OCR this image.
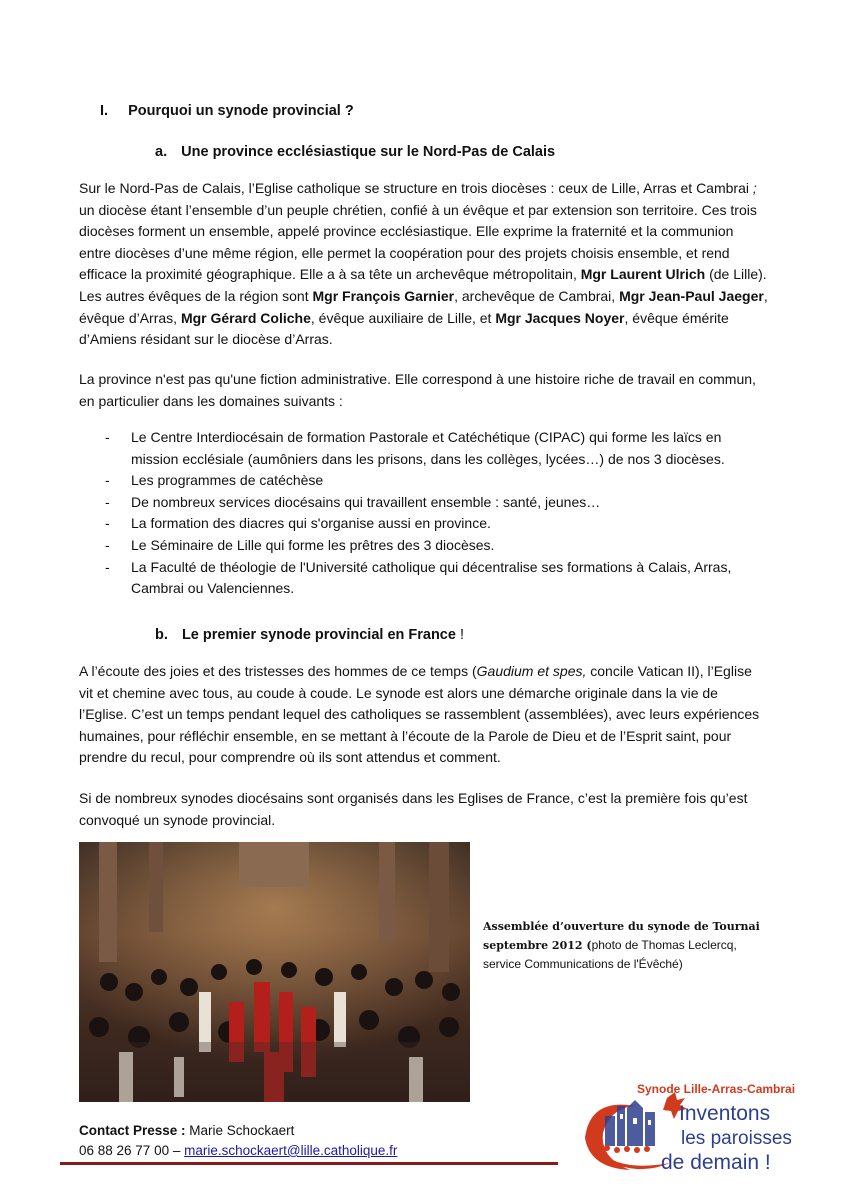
I. Pourquoi un synode provincial ?
a. Une province ecclésiastique sur le Nord-Pas de Calais
Sur le Nord-Pas de Calais, l’Eglise catholique se structure en trois diocèses : ceux de Lille, Arras et Cambrai ; un diocèse étant l’ensemble d’un peuple chrétien, confié à un évêque et par extension son territoire. Ces trois diocèses forment un ensemble, appelé province ecclésiastique. Elle exprime la fraternité et la communion entre diocèses d’une même région, elle permet la coopération pour des projets choisis ensemble, et rend efficace la proximité géographique. Elle a à sa tête un archevêque métropolitain, Mgr Laurent Ulrich (de Lille). Les autres évêques de la région sont Mgr François Garnier, archevêque de Cambrai, Mgr Jean-Paul Jaeger, évêque d’Arras, Mgr Gérard Coliche, évêque auxiliaire de Lille, et Mgr Jacques Noyer, évêque émérite d’Amiens résidant sur le diocèse d’Arras.
La province n'est pas qu'une fiction administrative. Elle correspond à une histoire riche de travail en commun, en particulier dans les domaines suivants :
- Le Centre Interdiocésain de formation Pastorale et Catéchétique (CIPAC) qui forme les laïcs en mission ecclésiale (aumôniers dans les prisons, dans les collèges, lycées…) de nos 3 diocèses.
- Les programmes de catéchèse
- De nombreux services diocésains qui travaillent ensemble : santé, jeunes…
- La formation des diacres qui s'organise aussi en province.
- Le Séminaire de Lille qui forme les prêtres des 3 diocèses.
- La Faculté de théologie de l'Université catholique qui décentralise ses formations à Calais, Arras, Cambrai ou Valenciennes.
b. Le premier synode provincial en France !
A l’écoute des joies et des tristesses des hommes de ce temps (Gaudium et spes, concile Vatican II), l’Eglise vit et chemine avec tous, au coude à coude. Le synode est alors une démarche originale dans la vie de l’Eglise. C’est un temps pendant lequel des catholiques se rassemblent (assemblées), avec leurs expériences humaines, pour réfléchir ensemble, en se mettant à l’écoute de la Parole de Dieu et de l’Esprit saint, pour prendre du recul, pour comprendre où ils sont attendus et comment.
Si de nombreux synodes diocésains sont organisés dans les Eglises de France, c’est la première fois qu’est convoqué un synode provincial.
Assemblée d’ouverture du synode de Tournai
septembre 2012 (photo de Thomas Leclercq,
service Communications de l'Évêché)
Contact Presse : Marie Schockaert
06 88 26 77 00 – marie.schockaert@lille.catholique.fr
Synode Lille-Arras-Cambrai
Inventons
les paroisses
de demain !
